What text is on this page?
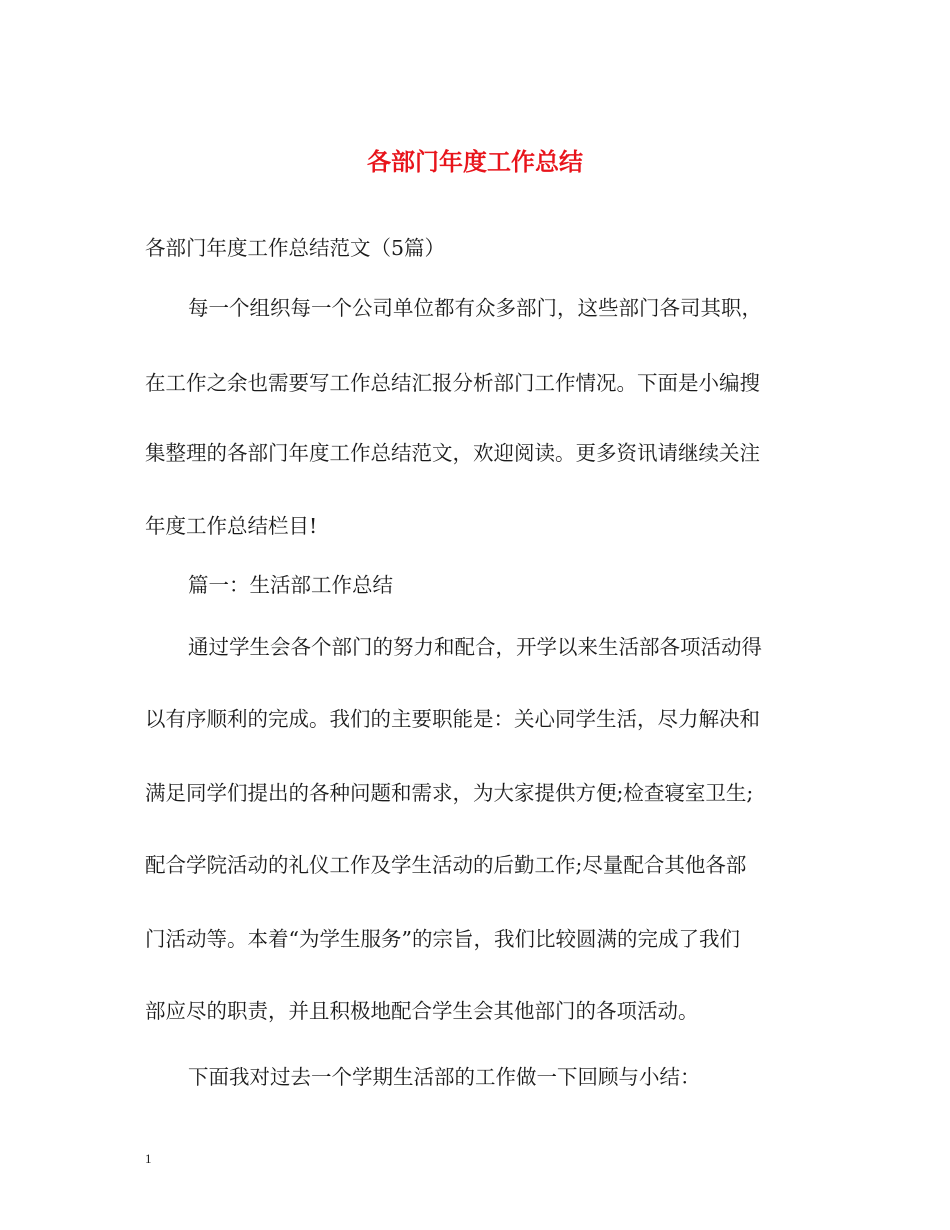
各部门年度工作总结

各部门年度工作总结范文（5篇）

每一个组织每一个公司单位都有众多部门，这些部门各司其职，

在工作之余也需要写工作总结汇报分析部门工作情况。下面是小编搜

集整理的各部门年度工作总结范文，欢迎阅读。更多资讯请继续关注

年度工作总结栏目!

篇一：生活部工作总结

通过学生会各个部门的努力和配合，开学以来生活部各项活动得

以有序顺利的完成。我们的主要职能是：关心同学生活，尽力解决和

满足同学们提出的各种问题和需求，为大家提供方便;检查寝室卫生;

配合学院活动的礼仪工作及学生活动的后勤工作;尽量配合其他各部

门活动等。本着“为学生服务”的宗旨，我们比较圆满的完成了我们

部应尽的职责，并且积极地配合学生会其他部门的各项活动。

下面我对过去一个学期生活部的工作做一下回顾与小结：

1
